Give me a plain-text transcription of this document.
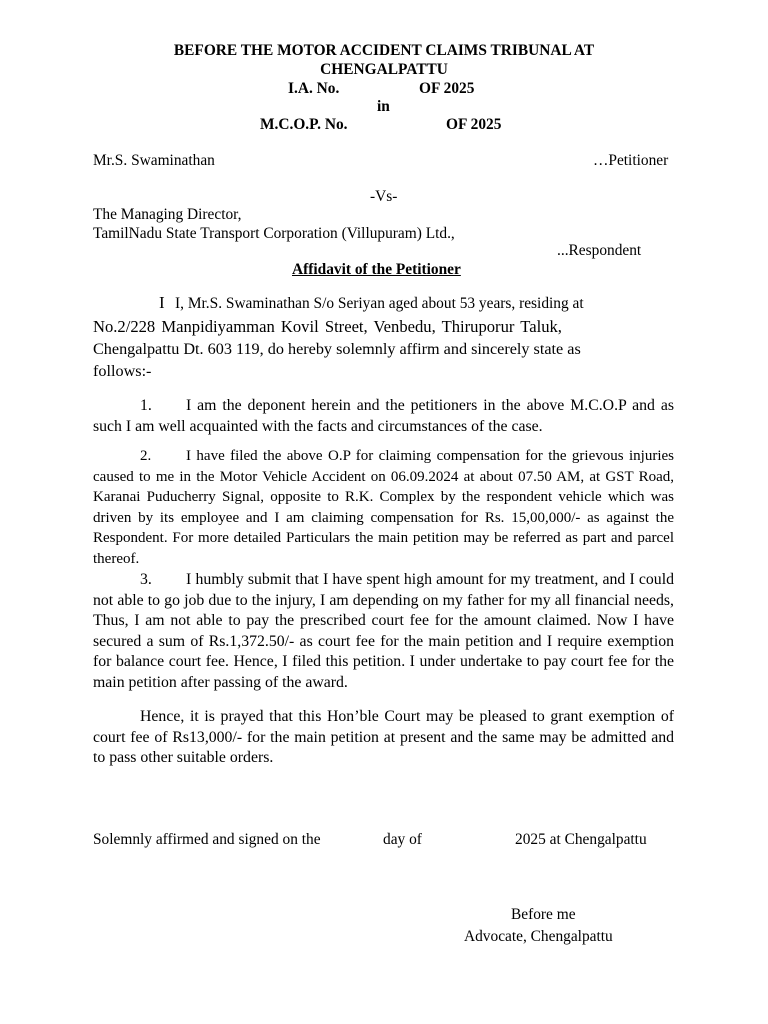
BEFORE THE MOTOR ACCIDENT CLAIMS TRIBUNAL AT
CHENGALPATTU
I.A. No.	OF 2025
in
M.C.O.P. No.	OF 2025
Mr.S. Swaminathan	…Petitioner
-Vs-
The Managing Director,
TamilNadu State Transport Corporation (Villupuram) Ltd.,
...Respondent
Affidavit of the Petitioner
I I, Mr.S. Swaminathan S/o Seriyan aged about 53 years, residing at
No.2/228 Manpidiyamman Kovil Street, Venbedu, Thiruporur Taluk,
Chengalpattu Dt. 603 119, do hereby solemnly affirm and sincerely state as
follows:-
1. I am the deponent herein and the petitioners in the above M.C.O.P and as such I am well acquainted with the facts and circumstances of the case.
2. I have filed the above O.P for claiming compensation for the grievous injuries caused to me in the Motor Vehicle Accident on 06.09.2024 at about 07.50 AM, at GST Road, Karanai Puducherry Signal, opposite to R.K. Complex by the respondent vehicle which was driven by its employee and I am claiming compensation for Rs. 15,00,000/- as against the Respondent. For more detailed Particulars the main petition may be referred as part and parcel thereof.
3. I humbly submit that I have spent high amount for my treatment, and I could not able to go job due to the injury, I am depending on my father for my all financial needs, Thus, I am not able to pay the prescribed court fee for the amount claimed. Now I have secured a sum of Rs.1,372.50/- as court fee for the main petition and I require exemption for balance court fee. Hence, I filed this petition. I under undertake to pay court fee for the main petition after passing of the award.
Hence, it is prayed that this Hon’ble Court may be pleased to grant exemption of court fee of Rs13,000/- for the main petition at present and the same may be admitted and to pass other suitable orders.
Solemnly affirmed and signed on the	day of	2025 at Chengalpattu
Before me
Advocate, Chengalpattu
